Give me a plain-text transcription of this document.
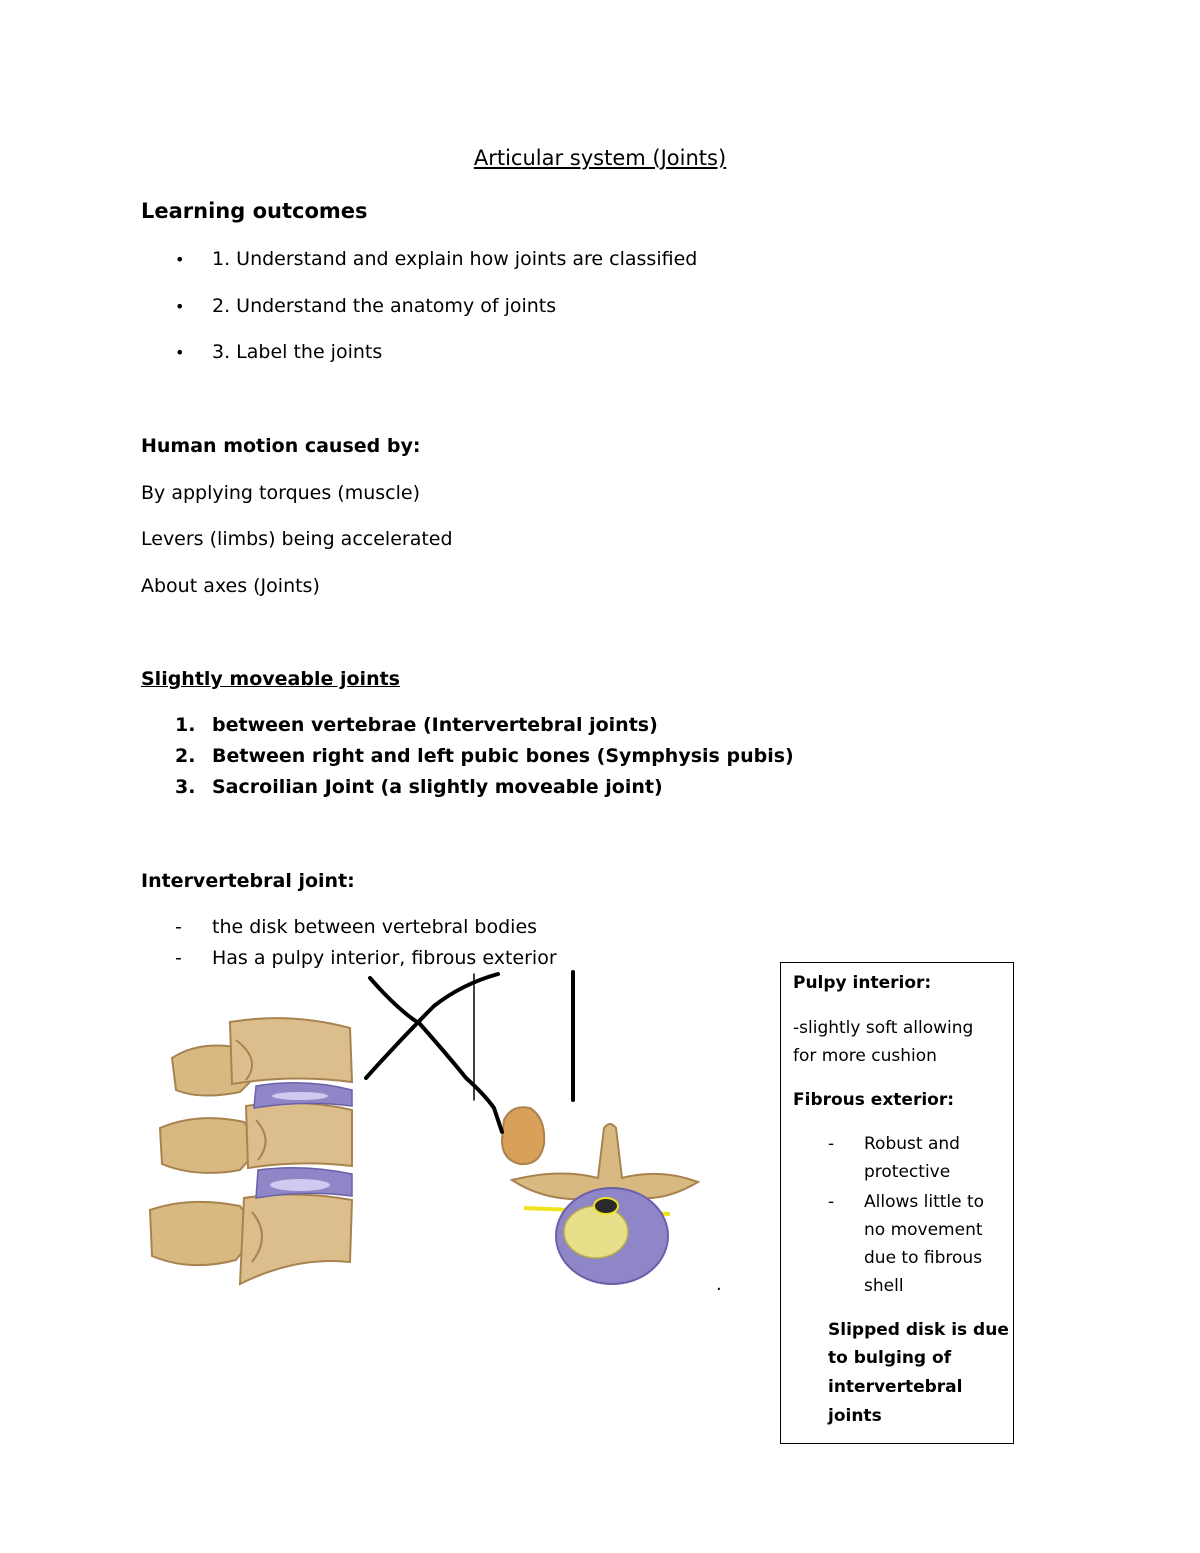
Articular system (Joints)
Learning outcomes
• 1. Understand and explain how joints are classified
• 2. Understand the anatomy of joints
• 3. Label the joints
Human motion caused by:
By applying torques (muscle)
Levers (limbs) being accelerated
About axes (Joints)
Slightly moveable joints
1. between vertebrae (Intervertebral joints)
2. Between right and left pubic bones (Symphysis pubis)
3. Sacroilian Joint (a slightly moveable joint)
Intervertebral joint:
- the disk between vertebral bodies
- Has a pulpy interior, fibrous exterior
.
Pulpy interior:
-slightly soft allowing
for more cushion
Fibrous exterior:
- Robust and
protective
- Allows little to
no movement
due to fibrous
shell
Slipped disk is due
to bulging of
intervertebral
joints
